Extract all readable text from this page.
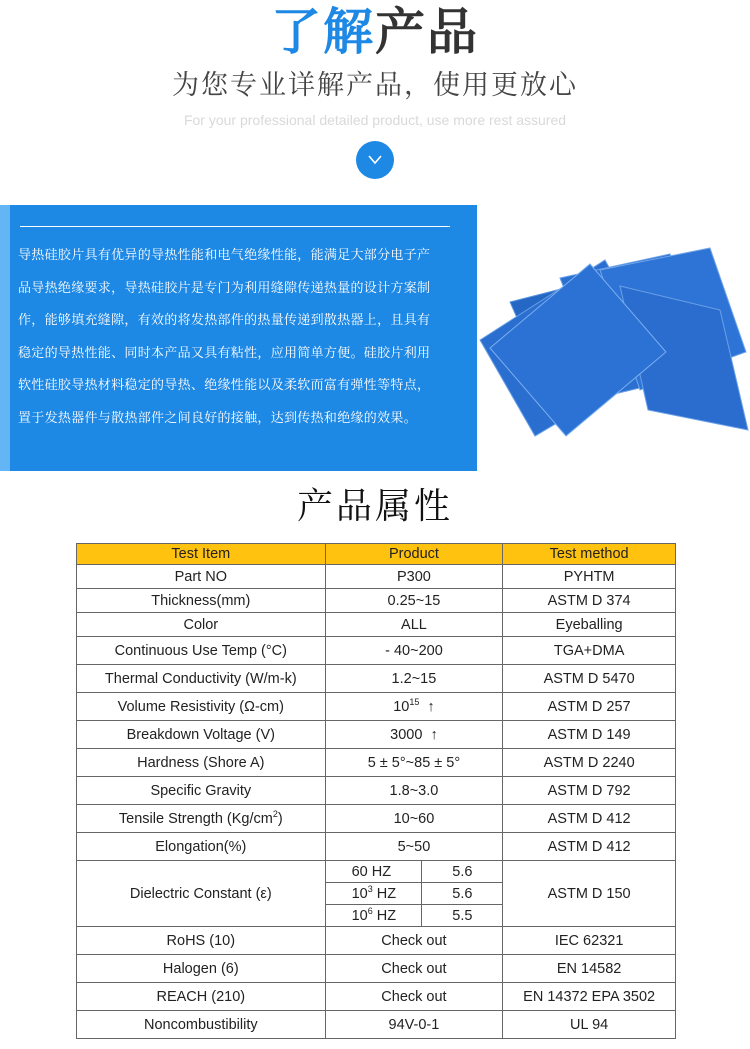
了解产品
为您专业详解产品，使用更放心
For your professional detailed product, use more rest assured

导热硅胶片具有优异的导热性能和电气绝缘性能，能满足大部分电子产

品导热绝缘要求，导热硅胶片是专门为利用缝隙传递热量的设计方案制

作，能够填充缝隙，有效的将发热部件的热量传递到散热器上，且具有

稳定的导热性能、同时本产品又具有粘性，应用简单方便。硅胶片利用

软性硅胶导热材料稳定的导热、绝缘性能以及柔软而富有弹性等特点，

置于发热器件与散热部件之间良好的接触，达到传热和绝缘的效果。

产品属性
Test Item	Product		Test method
Part NO	P300		PYHTM
Thickness(mm)	0.25~15		ASTM D 374
Color	ALL		Eyeballing
Continuous Use Temp (°C)	- 40~200		TGA+DMA
Thermal Conductivity (W/m-k)	1.2~15		ASTM D 5470
Volume Resistivity (Ω-cm)	$10^{15}$ ↑		ASTM D 257
Breakdown Voltage (V)	3000 ↑		ASTM D 149
Hardness (Shore A)	5 ± 5°~85 ± 5°		ASTM D 2240
Specific Gravity	1.8~3.0		ASTM D 792
Tensile Strength $(Kg/cm^2)$	10~60		ASTM D 412
Elongation(%)	5~50		ASTM D 412
Dielectric Constant (ε)	60 HZ	5.6	ASTM D 150
	$10^3$ HZ	5.6	
	$10^6$ HZ	5.5	
RoHS (10)	Check out		IEC 62321
Halogen (6)	Check out		EN 14582
REACH (210)	Check out		EN 14372 EPA 3502
Noncombustibility	94V-0-1		UL 94
